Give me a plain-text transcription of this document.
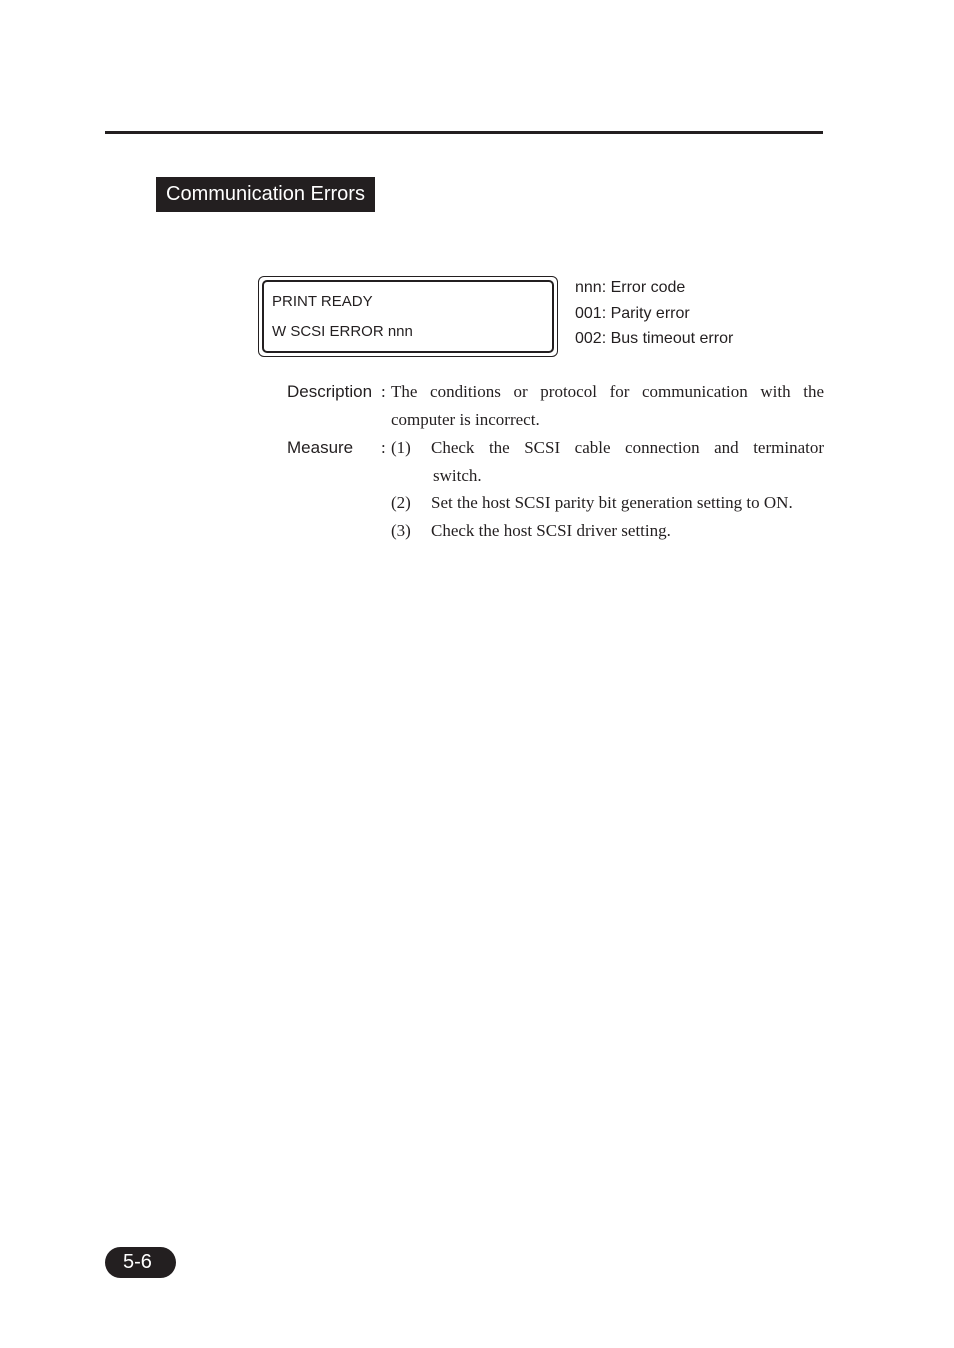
Communication Errors
PRINT READY
W SCSI ERROR nnn
nnn: Error code
001: Parity error
002: Bus timeout error
Description : The conditions or protocol for communication with the
computer is incorrect.
Measure : (1) Check the SCSI cable connection and terminator
switch.
(2) Set the host SCSI parity bit generation setting to ON.
(3) Check the host SCSI driver setting.
5-6
